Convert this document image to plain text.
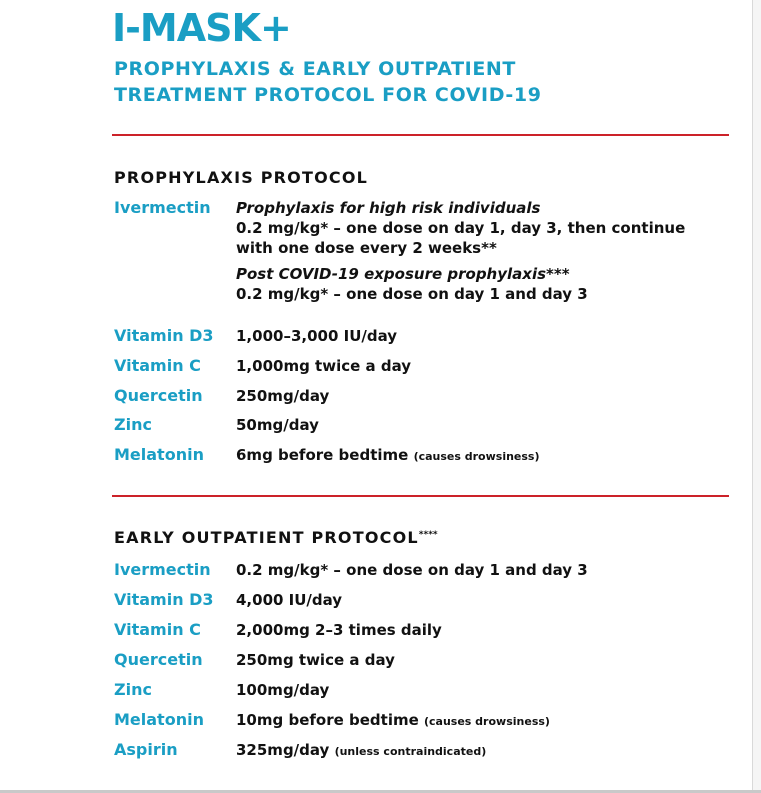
I-MASK+
PROPHYLAXIS & EARLY OUTPATIENT
TREATMENT PROTOCOL FOR COVID-19
PROPHYLAXIS PROTOCOL
Ivermectin	Prophylaxis for high risk individuals
0.2 mg/kg* – one dose on day 1, day 3, then continue
with one dose every 2 weeks**
Post COVID-19 exposure prophylaxis***
0.2 mg/kg* – one dose on day 1 and day 3
Vitamin D3	1,000–3,000 IU/day
Vitamin C	1,000mg twice a day
Quercetin	250mg/day
Zinc	50mg/day
Melatonin	6mg before bedtime (causes drowsiness)
EARLY OUTPATIENT PROTOCOL****
Ivermectin	0.2 mg/kg* – one dose on day 1 and day 3
Vitamin D3	4,000 IU/day
Vitamin C	2,000mg 2–3 times daily
Quercetin	250mg twice a day
Zinc	100mg/day
Melatonin	10mg before bedtime (causes drowsiness)
Aspirin	325mg/day (unless contraindicated)
